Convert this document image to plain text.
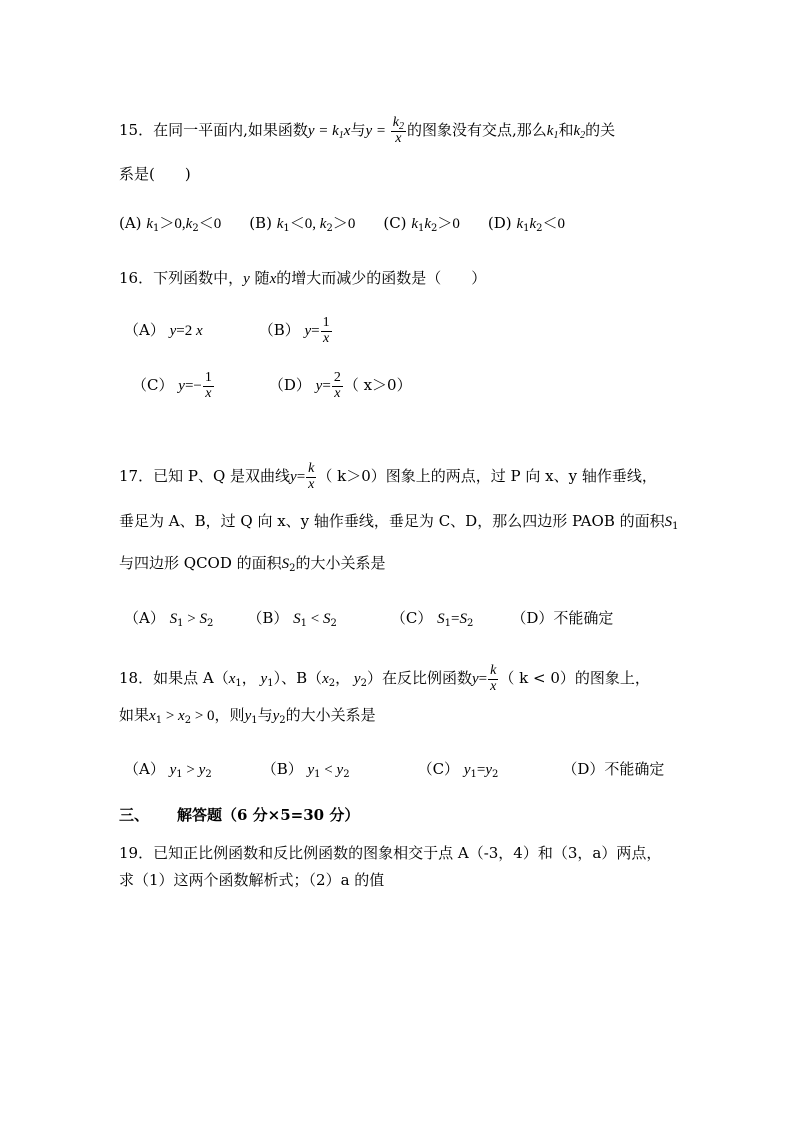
15．在同一平面内,如果函数$y = k_1x$与$y = \frac{k_2}{x}$ 的图象没有交点,那么$k_1$和$k_2$的关
系是(　　)
(A) $k_1>0,k_2<0$ (B) $k_1<0$, $k_2>0$ (C) $k_1k_2>0$ (D) $k_1k_2<0$
16．下列函数中，y 随x的增大而减少的函数是（　　）
（A） y=2 x	（B） $y= \frac{1}{x}$
（C） $y=- \frac{1}{x}$	（D） $y= \frac{2}{x}$ （ x＞0）
17．已知 P、Q 是双曲线$y= \frac{k}{x}$ （ k＞0）图象上的两点，过 P 向 x、y 轴作垂线，
垂足为 A、B，过 Q 向 x、y 轴作垂线，垂足为 C、D，那么四边形 PAOB 的面积$S_1$
与四边形 QCOD 的面积$S_2$的大小关系是
（A） $S_1 > S_2$ （B） $S_1 < S_2$	（C） $S_1=S_2$	（D）不能确定
18．如果点 $A(x_1$， $y_1$）、$B(x_2$， $y_2$）在反比例函数$y= \frac{k}{x}$ （ k < 0）的图象上，
如果$x_1 > x_2 > 0$，则$y_1$与$y_2$的大小关系是
（A） $y_1 > y_2$	（B） $y_1 < y_2$	（C） $y_1=y_2$	（D）不能确定
三、 解答题（6 分×5=30 分）
19．已知正比例函数和反比例函数的图象相交于点 A（-3，4）和（3，a）两点，
求（1）这两个函数解析式；（2）a 的值
